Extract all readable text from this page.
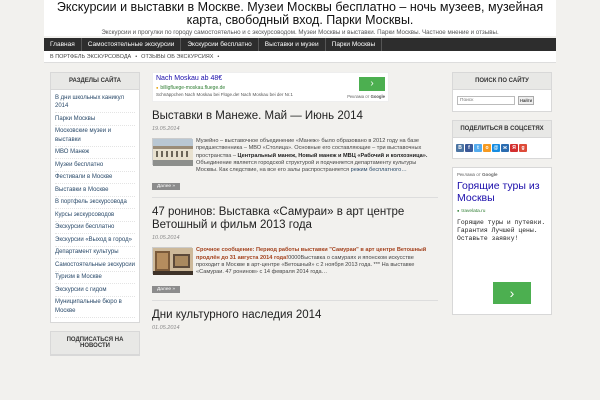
Экскурсии и выставки в Москве. Музеи Москвы бесплатно – ночь музеев, музейная карта, свободный вход. Парки Москвы.
Экскурсии и прогулки по городу самостоятельно и с экскурсоводом. Музеи Москвы и выставки. Парки Москвы. Частное мнение и отзывы.
Главная	Самостоятельные экскурсии	Экскурсии бесплатно	Выставки и музеи	Парки Москвы
В ПОРТФЕЛЬ ЭКСКУРСОВОДА • ОТЗЫВЫ ОБ ЭКСКУРСИЯХ •
РАЗДЕЛЫ САЙТА
В дни школьных каникул 2014
Парки Москвы
Московские музеи и выставки
МВО Манеж
Музеи бесплатно
Фестивали в Москве
Выставки в Москве
В портфель экскурсовода
Курсы экскурсоводов
Экскурсии бесплатно
Экскурсии «Выход в город»
Департамент культуры
Самостоятельные экскурсии
Туризм в Москве
Экскурсии с гидом
Муниципальные бюро в Москве
ПОДПИСАТЬСЯ НА НОВОСТИ
Nach Moskau ab 48€
● billigfluege-moskau.fluege.de
Schnäppchen Nach Moskau bei Flüge.de! Nach Moskau bei der Nr.1
›
Реклама от Google
Выставки в Манеже. Май — Июнь 2014
19.05.2014
Музейно – выставочное объединение «Манеж» было образовано в 2012 году на базе предшественника – МВО «Столица». Основные его составляющие – три выставочных пространства – Центральный манеж, Новый манеж и МВЦ «Рабочий и колхозница». Объединение является городской структурой и подчиняется департаменту культуры Москвы. Как следствие, на все его залы распространяется режим бесплатного…
Далее »
47 ронинов: Выставка «Самураи» в арт центре Ветошный и фильм 2013 года
10.05.2014
Срочное сообщение: Период работы выставки "Самураи" в арт центре Ветошный продлён до 31 августа 2014 года!0000Выставка о самураях и японском искусстве проходит в Москве в арт-центре «Ветошный» с 2 ноября 2013 года. *** На выставке «Самураи. 47 ронинов» с 14 февраля 2014 года…
Далее »
Дни культурного наследия 2014
01.05.2014
ПОИСК ПО САЙТУ
Поиск
Найти
ПОДЕЛИТЬСЯ В СОЦСЕТЯХ
В	f	t	о	@ ж	Я	g
Реклама от Google
Горящие туры из Москвы
● travelata.ru
Горящие туры и путевки. Гарантия Лучшей цены. Оставьте заявку!
›
